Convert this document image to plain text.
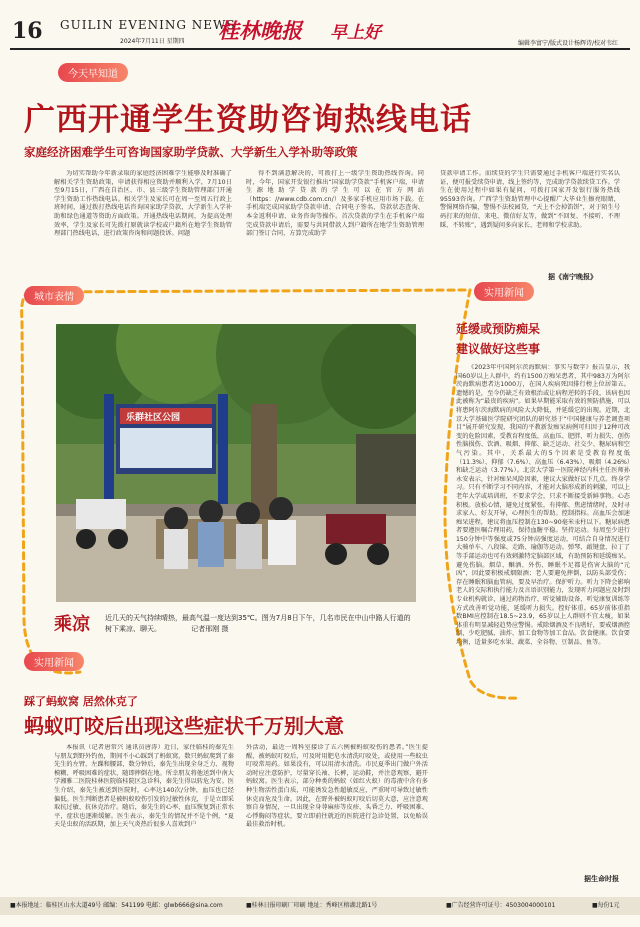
16 GUILIN EVENING NEWS
2024年7月11日 星期四 桂林晚报 早上好
编辑李富宁/版式设计杨辉诗/校对韦红
今天早知道
广西开通学生资助咨询热线电话
家庭经济困难学生可咨询国家助学贷款、大学新生入学补助等政策
为切实帮助今年新录取的家庭经济困难学生能够及时准确了解相关学生资助政策，申请获得相应资助并顺利入学，7月10日至9月15日，广西在自治区、市、县三级学生资助管理部门开通学生资助工作热线电话。相关学生及家长可在周一至周五行政上班时间，通过拨打热线电话咨询国家助学贷款、大学新生入学补助和绿色通道等资助方面政策。开通热线电话期间，为提高处理效率，学生及家长可先拨打原就读学校或户籍所在地学生资助管理部门热线电话，进行政策咨询和问题投诉。问题
得不到满意解决的，可拨打上一级学生资助热线咨询。同时，今年，国家开发银行推出“国家助学贷款”手机客户端，申请生源地助学贷款的学生可以在官方网站（https：//www.cdb.com.cn/）及多家手机应用市场下载。在手机端完成国家助学贷款申请、合同电子签名、贷款状态查询、本金返利申请、业务咨询等操作。首次贷款的学生在手机客户端完成贷款申请后，需要与共同借款人到户籍所在地学生资助管理部门签订合同，方算完成助学
贷款申请工作。而续贷的学生只需要通过手机客户端进行实名认证，便可报受续贷申请，线上签约等，完成助学贷款续贷工作。学生在使用过程中如果有疑问，可拨打国家开发银行服务热线95593咨询。广西学生资助管理中心提醒广大毕业生擦亮眼睛，警惕网络诈骗，警惕不法校园贷，“天上不会掉馅饼”，对于陌生号码打来的短信、来电、微信好友等，做到“不回复、不接听、不理睬、不转账”，遇到疑问多向家长、老师和学校求助。
据《南宁晚报》
城市表情
乐群社区公园
乘凉 近几天的天气持续晴热，最高气温一度达到35℃。图为7月8日下午，几名市民在中山中路人行道的树下乘凉、聊天。	记者邢刚 摄
实用新闻
延缓或预防痴呆
建议做好这些事
《2023年中国阿尔茨海默病：事实与数字》报告显示，我国60岁以上人群中，约有1500万痴呆患者，其中983万为阿尔茨海默病患者达1000万，在国人疾病死因排行榜上位居第五。遗憾的是，至今仍缺乏有效根治或让病程逆转的手段，该病也因此被称为“最贵的疾病”。如果早期能采取有效的预防措施，可以将患阿尔茨海默病的风险大大降低，并延缓它的出现。近期，北京大学基础医学院研究团队的研究基于“中国健康与养老调查项目”展开研究发现，我国的平教新发痴呆病例可归因于12种可改变的危险因素，受教育程度低、高血压、肥胖、听力损失、创伤性脑损伤、饮酒、吸烟、抑郁、缺乏运动、社交少、糖尿病和空气污染。其中，关系最大的5个因素是受教育程度低（11.3%）、抑郁（7.6%）、高血压（6.43%）、吸烟（4.26%）和缺乏运动（3.77%）。北京大学第一医院神经内科主任医师孙永安表示，针对痴呆风险因素，建议大家做好以下几点。终身学习。只有不断学习不同内容，才能对大脑形成新的刺激，可以上老年大学或培训班，不要求学会，只求不断接受新鲜事物。心态积极。放松心情，避免过度紧张，有抑郁、焦虑情绪时，及时寻求家人、好友开导，心理医生的帮助。控制指标。高血压会加速痴呆进程，建议将血压控制在130~90毫米汞柱以下。糖尿病患者要遵医嘱合理用药，保持血糖平稳。坚持运动。每周至少进行150分钟中等强度或75分钟高强度运动，可结合自身情况进行大骑单车、八段锦、走路、瑜伽等运动。弹琴、敲键盘、拉丁了等手部运动也可有效刺激特定脑部区域，有助预防和延缓痴呆。避免伤脑。烟草、酗酒、外伤、睡眠不足都是伤害大脑的“元凶”，因此要积极戒烟限酒；老人要避免摔倒，以防头部受伤；存在睡眠和脑血管病，要及早治疗。保护听力。听力下降会影响老人的交际和执行能力及言语识别能力，发现听力问题应及时到专业机构就诊，通过药物治疗、听觉辅助设备、听觉康复训练等方式改善听觉功能，延缓听力损失。控好体重。65岁前体重指数BMI应控制在18.5~23.9，65岁以上人群则不宜太瘦，如果体重有明显减轻趋势应警惕。戒除烟酒及不良嗜好，要戒烟酒控制，少吃肥腻、油炸、加工食物等加工食品。饮食健康。饮食要均衡，适量多吃水果、蔬菜、全谷物、豆制品、鱼等。
据生命时报
实用新闻
踩了蚂蚁窝 居然休克了
蚂蚁叮咬后出现这些症状千万别大意
本报讯（记者唐常兴 通讯员唐涛）近日，家住临桂的秦先生与朋友到野外钓鱼，期间不小心踩到了蚂蚁窝，数只蚂蚁爬到了秦先生的左臂、左踝和腰部，数分钟后，秦先生出现全身乏力、视物模糊、呼吸困难的症状，随即摔倒在地。所幸朋友将他送到中南大学湘雅二医院桂林医院临桂院区急诊科，秦先生得以转危为安。医生介绍，秦先生被送到医院时，心率达140次/分钟，血压也已经偏低。医生判断患者是被蚂蚁咬伤引发的过敏性休克，于是立即采取抗过敏、抗休克治疗。随后，秦先生的心率、血压恢复到正常水平，症状也逐渐缓解。医生表示，秦先生的情况并不是个例，“夏天是虫蚁的活跃期，加上天气炎热后很多人喜欢到户
外活动，最近一周科室接诊了五六例被蚂蚁咬伤的患者。”医生提醒，被蚂蚁叮咬后，可及时用肥皂水清洗叮咬处，或使用一些蚊虫叮咬常用药。如果没有，可以用清水清洗。市民夏季出门做户外活动时应注意防护，尽量穿长袖、长裤，运动鞋，并注意观察，避开蚂蚁窝。医生表示，部分种类的蚂蚁（如红火蚁）的毒液中含有多种生物活性蛋白质，可能诱发急性超敏反应，严重时可导致过敏性休克而危及生命。因此，在野外被蚂蚁叮咬后切莫大意，应注意观察自身情况，一旦出现全身荨麻疹等皮疹、头昏乏力、呼吸困难、心悸胸闷等症状，要立即前往就近的医院进行急诊处置，以免贻误最佳救治时机。
■本报地址：临桂区山水大道49号 邮编：541199 电邮：glwb666@sina.com	■桂林日报印刷厂印刷 地址：秀峰区榕湖北路1号	■广告经营许可证号：4503004000101	■每份1元
